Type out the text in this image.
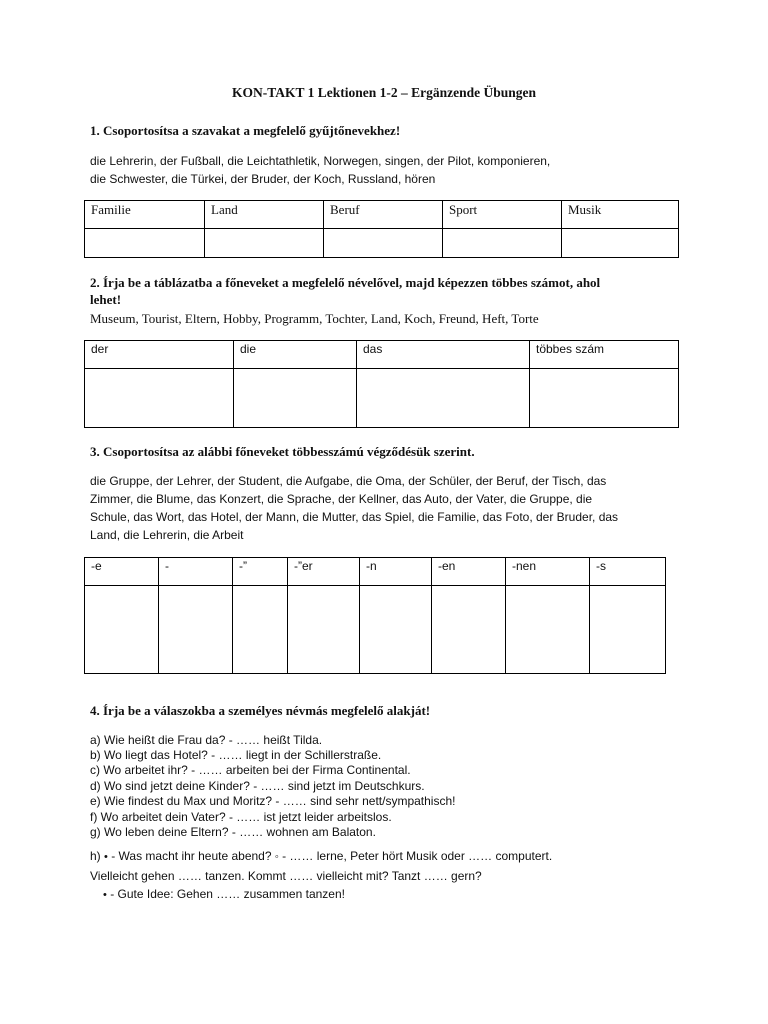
KON-TAKT 1 Lektionen 1-2 – Ergänzende Übungen
1. Csoportosítsa a szavakat a megfelelő gyűjtőnevekhez!
die Lehrerin, der Fußball, die Leichtathletik, Norwegen, singen, der Pilot, komponieren,
die Schwester, die Türkei, der Bruder, der Koch, Russland, hören
Familie	Land	Beruf	Sport	Musik

2. Írja be a táblázatba a főneveket a megfelelő névelővel, majd képezzen többes számot, ahol
lehet!
Museum, Tourist, Eltern, Hobby, Programm, Tochter, Land, Koch, Freund, Heft, Torte
der	die	das	többes szám

3. Csoportosítsa az alábbi főneveket többesszámú végződésük szerint.
die Gruppe, der Lehrer, der Student, die Aufgabe, die Oma, der Schüler, der Beruf, der Tisch, das
Zimmer, die Blume, das Konzert, die Sprache, der Kellner, das Auto, der Vater, die Gruppe, die
Schule, das Wort, das Hotel, der Mann, die Mutter, das Spiel, die Familie, das Foto, der Bruder, das
Land, die Lehrerin, die Arbeit
-e	-	-”	-”er	-n	-en	-nen	-s

4. Írja be a válaszokba a személyes névmás megfelelő alakját!
a) Wie heißt die Frau da? - …… heißt Tilda.
b) Wo liegt das Hotel? - …… liegt in der Schillerstraße.
c) Wo arbeitet ihr? - …… arbeiten bei der Firma Continental.
d) Wo sind jetzt deine Kinder? - …… sind jetzt im Deutschkurs.
e) Wie findest du Max und Moritz? - …… sind sehr nett/sympathisch!
f) Wo arbeitet dein Vater? - …… ist jetzt leider arbeitslos.
g) Wo leben deine Eltern? - …… wohnen am Balaton.
h) • - Was macht ihr heute abend? ◦ - …… lerne, Peter hört Musik oder …… computert.
Vielleicht gehen …… tanzen. Kommt …… vielleicht mit? Tanzt …… gern?
• - Gute Idee: Gehen …… zusammen tanzen!
